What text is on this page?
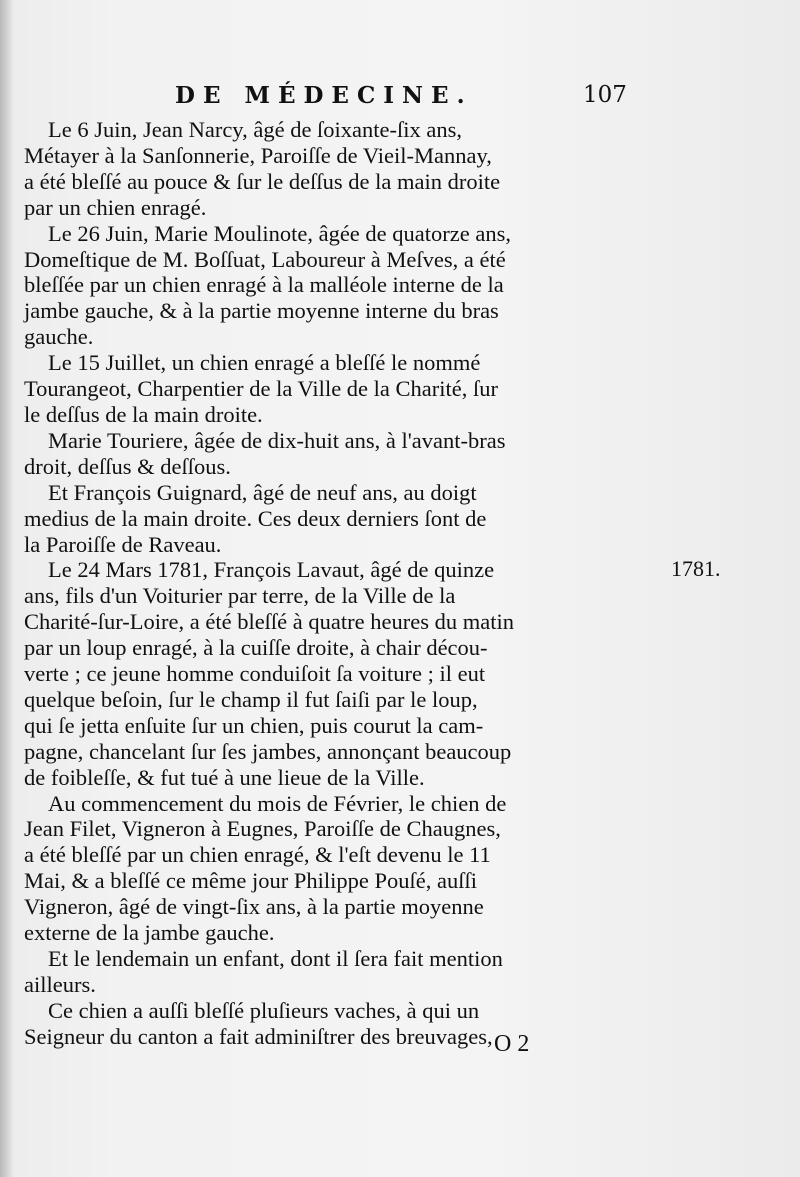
DE MÉDECINE.	107
Le 6 Juin, Jean Narcy, âgé de ſoixante-ſix ans,
Métayer à la Sanſonnerie, Paroiſſe de Vieil-Mannay,
a été bleſſé au pouce & ſur le deſſus de la main droite
par un chien enragé.
Le 26 Juin, Marie Moulinote, âgée de quatorze ans,
Domeſtique de M. Boſſuat, Laboureur à Meſves, a été
bleſſée par un chien enragé à la malléole interne de la
jambe gauche, & à la partie moyenne interne du bras
gauche.
Le 15 Juillet, un chien enragé a bleſſé le nommé
Tourangeot, Charpentier de la Ville de la Charité, ſur
le deſſus de la main droite.
Marie Touriere, âgée de dix-huit ans, à l'avant-bras
droit, deſſus & deſſous.
Et François Guignard, âgé de neuf ans, au doigt
medius de la main droite. Ces deux derniers ſont de
la Paroiſſe de Raveau.
Le 24 Mars 1781, François Lavaut, âgé de quinze
ans, fils d'un Voiturier par terre, de la Ville de la
Charité-ſur-Loire, a été bleſſé à quatre heures du matin
par un loup enragé, à la cuiſſe droite, à chair décou-
verte ; ce jeune homme conduiſoit ſa voiture ; il eut
quelque beſoin, ſur le champ il fut ſaiſi par le loup,
qui ſe jetta enſuite ſur un chien, puis courut la cam-
pagne, chancelant ſur ſes jambes, annonçant beaucoup
de foibleſſe, & fut tué à une lieue de la Ville.
Au commencement du mois de Février, le chien de
Jean Filet, Vigneron à Eugnes, Paroiſſe de Chaugnes,
a été bleſſé par un chien enragé, & l'eſt devenu le 11
Mai, & a bleſſé ce même jour Philippe Pouſé, auſſi
Vigneron, âgé de vingt-ſix ans, à la partie moyenne
externe de la jambe gauche.
Et le lendemain un enfant, dont il ſera fait mention
ailleurs.
Ce chien a auſſi bleſſé pluſieurs vaches, à qui un
Seigneur du canton a fait adminiſtrer des breuvages,
1781.
O 2
